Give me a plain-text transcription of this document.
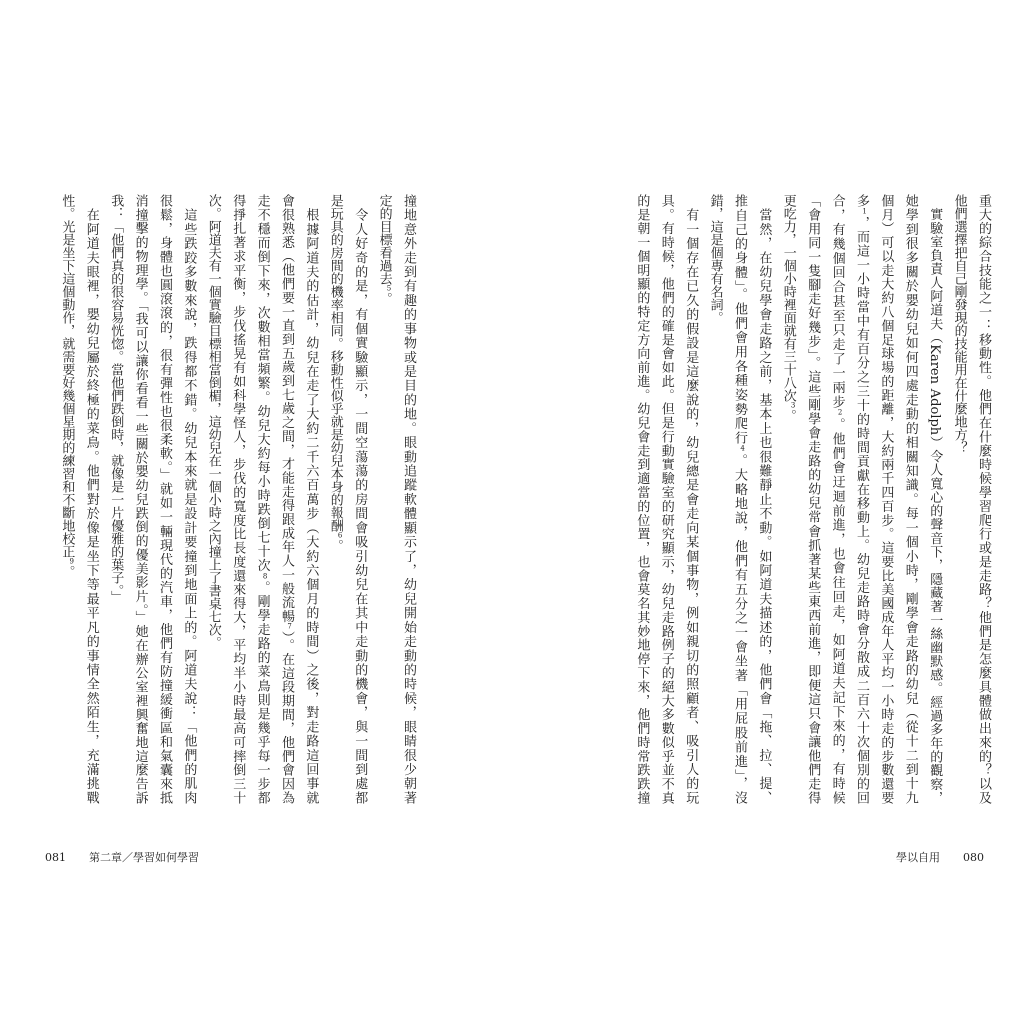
撞地意外走到有趣的事物或是目的地。眼動追蹤軟體顯示了，幼兒開始走動的時候，眼睛很少朝著
定的目標看過去$^5$。
　令人好奇的是，有個實驗顯示，一間空蕩蕩的房間會吸引幼兒在其中走動的機會，與一間到處都
是玩具的房間的機率相同。移動性似乎就是幼兒本身的報酬$^6$。
　根據阿道夫的估計，幼兒在走了大約二千六百萬步（大約六個月的時間）之後，對走路這回事就
會很熟悉（他們要一直到五歲到七歲之間，才能走得跟成年人一般流暢$^7$）。在這段期間，他們會因為
走不穩而倒下來，次數相當頻繁。幼兒大約每小時跌倒七十次$^8$。剛學走路的菜鳥則是幾乎每一步都
得掙扎著求平衡，步伐搖晃有如科學怪人，步伐的寬度比長度還來得大，平均半小時最高可摔倒三十
次。阿道夫有一個實驗目標相當倒楣，這幼兒在一個小時之內撞上了書桌七次。
　這些跌跤多數來說，跌得都不錯。幼兒本來就是設計要撞到地面上的。阿道夫說：「他們的肌肉
很鬆，身體也圓滾滾的，很有彈性也很柔軟。」就如一輛現代的汽車，他們有防撞緩衝區和氣囊來抵
消撞擊的物理學。「我可以讓你看看一些關於嬰幼兒跌倒的優美影片。」她在辦公室裡興奮地這麼告訴
我：「他們真的很容易恍惚。當他們跌倒時，就像是一片優雅的葉子。」
　在阿道夫眼裡，嬰幼兒屬於終極的菜鳥。他們對於像是坐下等最平凡的事情全然陌生，充滿挑戰
性。光是坐下這個動作，就需要好幾個星期的練習和不斷地校正$^9$。
081 第二章／學習如何學習
重大的綜合技能之一：移動性。他們在什麼時候學習爬行或是走路？他們是怎麼具體做出來的？以及
他們選擇把自己剛發現的技能用在什麼地方？
　實驗室負責人阿道夫（Karen Adolph）令人寬心的聲音下，隱藏著一絲幽默感。經過多年的觀察，
她學到很多關於嬰幼兒如何四處走動的相關知識。每一個小時，剛學會走路的幼兒（從十二到十九
個月）可以走大約八個足球場的距離，大約兩千四百步。這要比美國成年人平均一小時走的步數還要
多$^1$，而這一小時當中有百分之三十的時間貢獻在移動上。幼兒走路時會分散成二百六十次個別的回
合，有幾個回合甚至只走了一兩步$^2$。他們會迂迴前進，也會往回走，如阿道夫記下來的，有時候
「會用同一隻腳走好幾步」。這些剛學會走路的幼兒常會抓著某些東西前進，即便這只會讓他們走得
更吃力，一個小時裡面就有三十八次$^3$。
　當然，在幼兒學會走路之前，基本上也很難靜止不動。如阿道夫描述的，他們會「拖、拉、提、
推自己的身體」。他們會用各種姿勢爬行$^4$。大略地說，他們有五分之一會坐著「用屁股前進」，沒
錯，這是個專有名詞。
　有一個存在已久的假設是這麼說的，幼兒總是會走向某個事物，例如親切的照顧者、吸引人的玩
具。有時候，他們的確是會如此。但是行動實驗室的研究顯示，幼兒走路例子的絕大多數似乎並不真
的是朝一個明顯的特定方向前進。幼兒會走到適當的位置，也會莫名其妙地停下來，他們時常跌跌撞
學以自用 080
